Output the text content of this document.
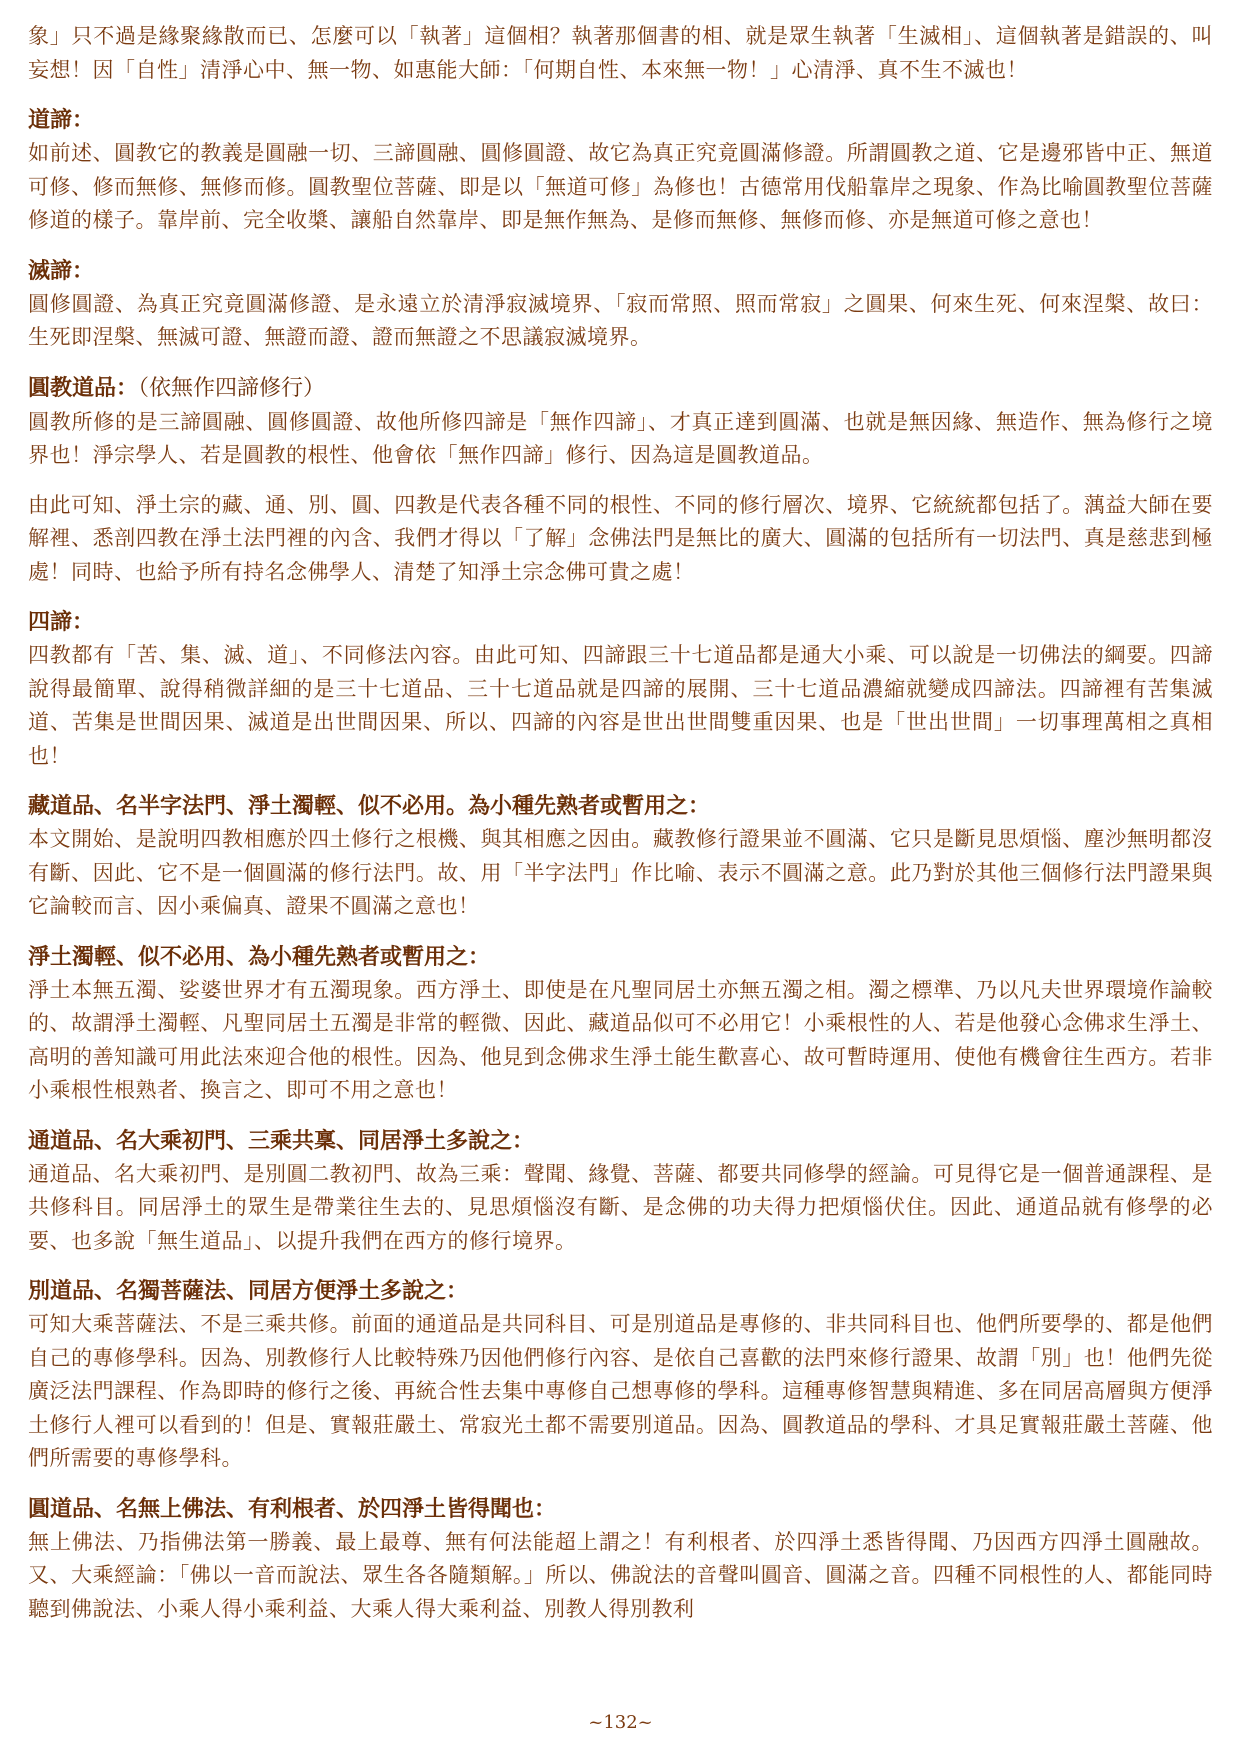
象」只不過是緣聚緣散而已、怎麼可以「執著」這個相？執著那個書的相、就是眾生執著「生滅相」、這個執著是錯誤的、叫妄想！因「自性」清淨心中、無一物、如惠能大師：「何期自性、本來無一物！」心清淨、真不生不滅也！

道諦：

如前述、圓教它的教義是圓融一切、三諦圓融、圓修圓證、故它為真正究竟圓滿修證。所謂圓教之道、它是邊邪皆中正、無道可修、修而無修、無修而修。圓教聖位菩薩、即是以「無道可修」為修也！古德常用伐船靠岸之現象、作為比喻圓教聖位菩薩修道的樣子。靠岸前、完全收槳、讓船自然靠岸、即是無作無為、是修而無修、無修而修、亦是無道可修之意也！

滅諦：

圓修圓證、為真正究竟圓滿修證、是永遠立於清淨寂滅境界、「寂而常照、照而常寂」之圓果、何來生死、何來涅槃、故曰：生死即涅槃、無滅可證、無證而證、證而無證之不思議寂滅境界。

圓教道品：（依無作四諦修行）

圓教所修的是三諦圓融、圓修圓證、故他所修四諦是「無作四諦」、才真正達到圓滿、也就是無因緣、無造作、無為修行之境界也！淨宗學人、若是圓教的根性、他會依「無作四諦」修行、因為這是圓教道品。

由此可知、淨土宗的藏、通、別、圓、四教是代表各種不同的根性、不同的修行層次、境界、它統統都包括了。蕅益大師在要解裡、悉剖四教在淨土法門裡的內含、我們才得以「了解」念佛法門是無比的廣大、圓滿的包括所有一切法門、真是慈悲到極處！同時、也給予所有持名念佛學人、清楚了知淨土宗念佛可貴之處！

四諦：

四教都有「苦、集、滅、道」、不同修法內容。由此可知、四諦跟三十七道品都是通大小乘、可以說是一切佛法的綱要。四諦說得最簡單、說得稍微詳細的是三十七道品、三十七道品就是四諦的展開、三十七道品濃縮就變成四諦法。四諦裡有苦集滅道、苦集是世間因果、滅道是出世間因果、所以、四諦的內容是世出世間雙重因果、也是「世出世間」一切事理萬相之真相也！

藏道品、名半字法門、淨土濁輕、似不必用。為小種先熟者或暫用之：

本文開始、是說明四教相應於四土修行之根機、與其相應之因由。藏教修行證果並不圓滿、它只是斷見思煩惱、塵沙無明都沒有斷、因此、它不是一個圓滿的修行法門。故、用「半字法門」作比喻、表示不圓滿之意。此乃對於其他三個修行法門證果與它論較而言、因小乘偏真、證果不圓滿之意也！

淨土濁輕、似不必用、為小種先熟者或暫用之：

淨土本無五濁、娑婆世界才有五濁現象。西方淨土、即使是在凡聖同居土亦無五濁之相。濁之標準、乃以凡夫世界環境作論較的、故謂淨土濁輕、凡聖同居土五濁是非常的輕微、因此、藏道品似可不必用它！小乘根性的人、若是他發心念佛求生淨土、高明的善知識可用此法來迎合他的根性。因為、他見到念佛求生淨土能生歡喜心、故可暫時運用、使他有機會往生西方。若非小乘根性根熟者、換言之、即可不用之意也！

通道品、名大乘初門、三乘共稟、同居淨土多說之：

通道品、名大乘初門、是別圓二教初門、故為三乘：聲聞、緣覺、菩薩、都要共同修學的經論。可見得它是一個普通課程、是共修科目。同居淨土的眾生是帶業往生去的、見思煩惱沒有斷、是念佛的功夫得力把煩惱伏住。因此、通道品就有修學的必要、也多說「無生道品」、以提升我們在西方的修行境界。

別道品、名獨菩薩法、同居方便淨土多說之：

可知大乘菩薩法、不是三乘共修。前面的通道品是共同科目、可是別道品是專修的、非共同科目也、他們所要學的、都是他們自己的專修學科。因為、別教修行人比較特殊乃因他們修行內容、是依自己喜歡的法門來修行證果、故謂「別」也！他們先從廣泛法門課程、作為即時的修行之後、再統合性去集中專修自己想專修的學科。這種專修智慧與精進、多在同居高層與方便淨土修行人裡可以看到的！但是、實報莊嚴土、常寂光土都不需要別道品。因為、圓教道品的學科、才具足實報莊嚴土菩薩、他們所需要的專修學科。

圓道品、名無上佛法、有利根者、於四淨土皆得聞也：

無上佛法、乃指佛法第一勝義、最上最尊、無有何法能超上謂之！有利根者、於四淨土悉皆得聞、乃因西方四淨土圓融故。又、大乘經論：「佛以一音而說法、眾生各各隨類解。」所以、佛說法的音聲叫圓音、圓滿之音。四種不同根性的人、都能同時聽到佛說法、小乘人得小乘利益、大乘人得大乘利益、別教人得別教利

~132~
